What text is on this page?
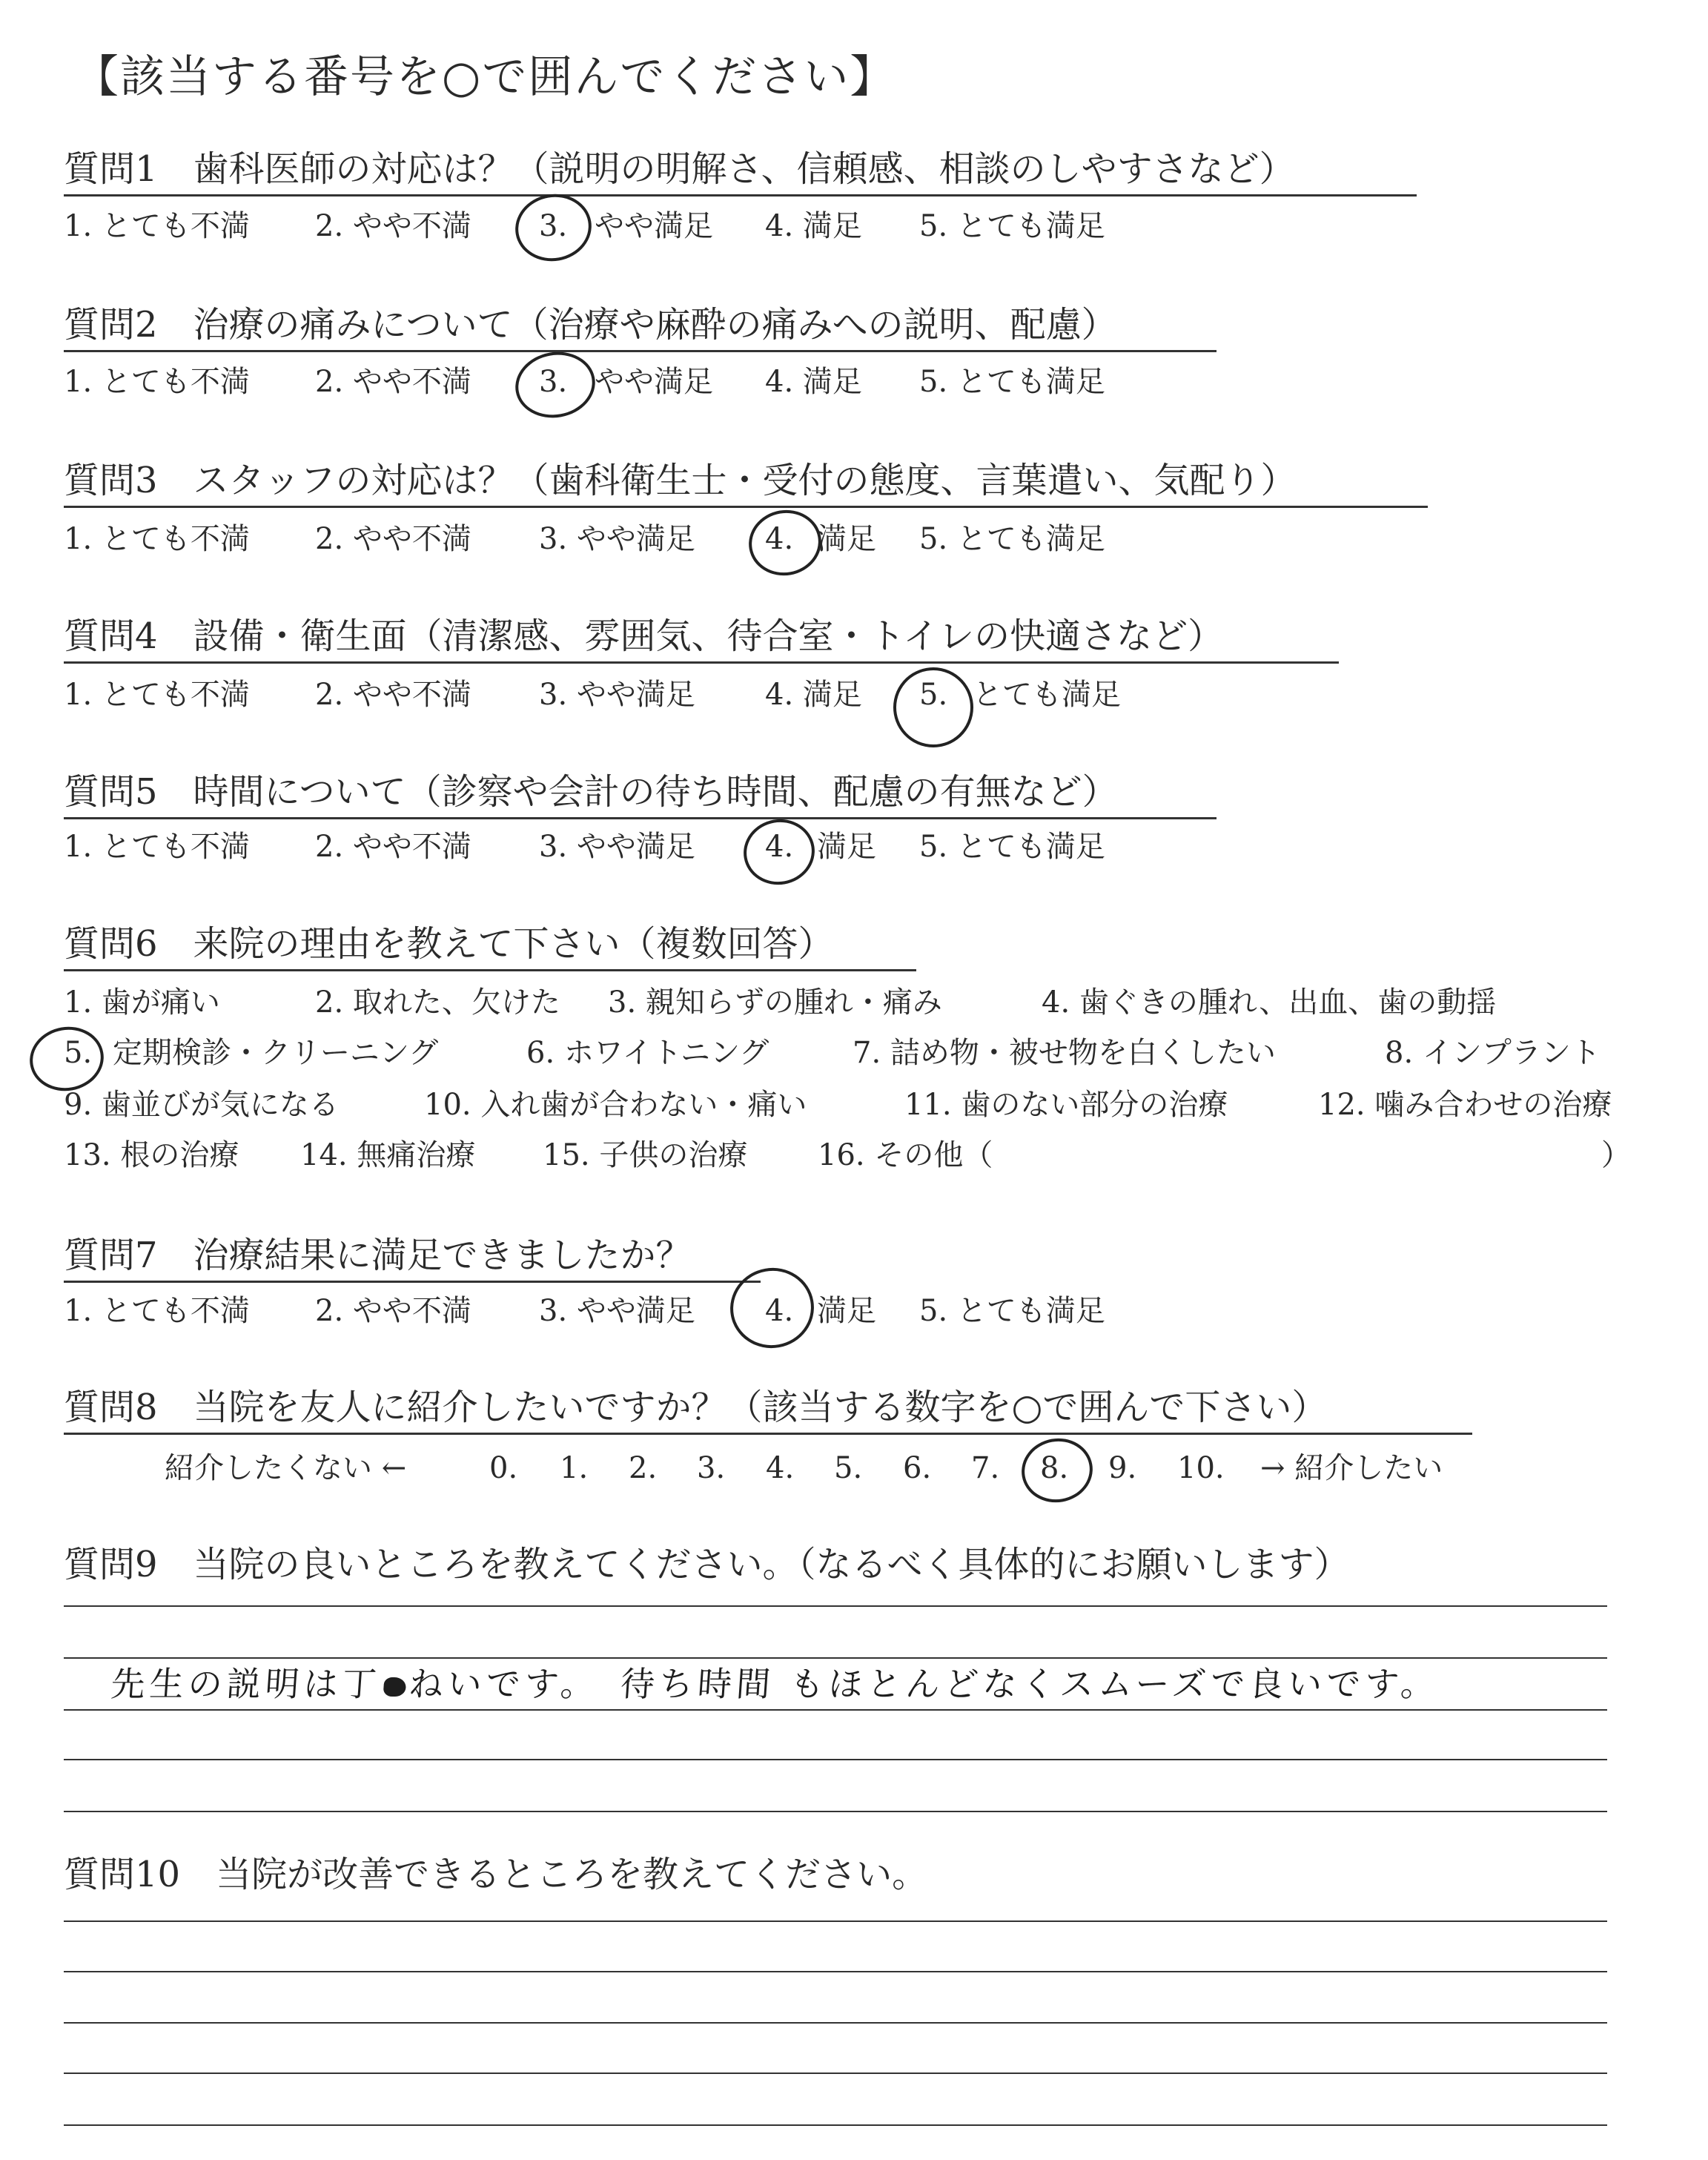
【該当する番号を○で囲んでください】
質問1　歯科医師の対応は？（説明の明解さ、信頼感、相談のしやすさなど）
1. とても不満 2. やや不満 3. やや満足 4. 満足 5. とても満足
質問2　治療の痛みについて（治療や麻酔の痛みへの説明、配慮）
1. とても不満 2. やや不満 3. やや満足 4. 満足 5. とても満足
質問3　スタッフの対応は？（歯科衛生士・受付の態度、言葉遣い、気配り）
1. とても不満 2. やや不満 3. やや満足 4. 満足 5. とても満足
質問4　設備・衛生面（清潔感、雰囲気、待合室・トイレの快適さなど）
1. とても不満 2. やや不満 3. やや満足 4. 満足 5. とても満足
質問5　時間について（診察や会計の待ち時間、配慮の有無など）
1. とても不満 2. やや不満 3. やや満足 4. 満足 5. とても満足
質問6　来院の理由を教えて下さい（複数回答）
1. 歯が痛い	2. 取れた、欠けた 3. 親知らずの腫れ・痛み	4. 歯ぐきの腫れ、出血、歯の動揺
5. 定期検診・クリーニング	6. ホワイトニング	7. 詰め物・被せ物を白くしたい	8. インプラント
9. 歯並びが気になる	10. 入れ歯が合わない・痛い	11. 歯のない部分の治療	12. 噛み合わせの治療
13. 根の治療 14. 無痛治療 15. 子供の治療 16. その他（	）
質問7　治療結果に満足できましたか？
1. とても不満 2. やや不満 3. やや満足 4. 満足 5. とても満足
質問8　当院を友人に紹介したいですか？（該当する数字を○で囲んで下さい）
紹介したくない ←	0. 1. 2. 3. 4. 5. 6. 7. 8. 9. 10. → 紹介したい
質問9　当院の良いところを教えてください。（なるべく具体的にお願いします）
先生の説明は丁 ねいです。　待ち時間 もほとんどなくスムーズで良いです。
質問10　当院が改善できるところを教えてください。
